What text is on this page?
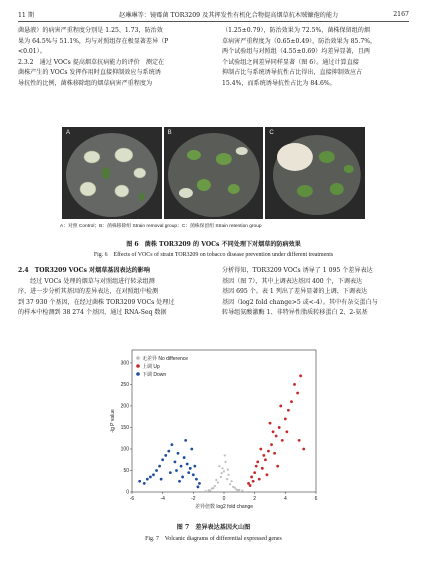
11 期	赵琳琳等：镜霉菌 TOR3209 及其挥发性有机化合物提高烟草抗木贼镰孢的能力	2167

菌悬液）的病害严重程度分别是 1.25、1.73，防治效

果为 64.5%与 51.1%，均与对照组存在极显著差异（P

<0.01）。

2.3.2　通过 VOCs 提高烟草抗病能力的评价　测定在

菌株产生的 VOCs 发挥作用时直接抑制效应与系统诱

导抗性的比例，菌株移除组的烟草病害严重程度为

（1.25±0.79），防治效果为 72.5%，菌株保留组的烟

草病害严重程度为（0.65±0.49），防治效果为 85.7%，

两个试验组与对照组（4.55±0.69）均差异显著，且两

个试验组之间差异同样显著（图 6）。通过计算直接

抑制占比与系统诱导抗性占比得出，直接抑制效应占

15.4%，而系统诱导抗性占比为 84.6%。

A	B	C
A：对照 Control；B：菌株移除组 Strain removal group；C：菌株保留组 Strain retention group
图 6　菌株 TOR3209 的 VOCs 不同处理下对烟草的防病效果
Fig. 6　Effects of VOCs of strain TOR3209 on tobacco disease prevention under different treatments

2.4　TOR3209 VOCs 对烟草基因表达的影响

　　经过 VOCs 处理的烟草与对照组进行转录组测

序，进一步分析其基因的差异表达，在对照组中检测

到 37 930 个基因，在经过菌株 TOR3209 VOCs 处理过

的样本中检测到 38 274 个基因，通过 RNA-Seq 数据

分析得知，TOR3209 VOCs 诱导了 1 095 个差异表达

基因（图 7），其中上调表达基因 400 个，下调表达

基因 695 个。表 1 列出了差异显著的上调、下调表达

基因（log2 fold change>5 或<-4）。其中有杂交蛋白与

转导组氨酸激酶 1、非特异性脂质转移蛋白 2、2-氨基

-6	-4	-2	0	2	4	6
0
50
100
150
200
250
300
差异倍数 log2 fold change
-lg P value
无差异 No difference
上调 Up
下调 Down
图 7　差异表达基因火山图
Fig. 7　Volcanic diagrams of differential expressed genes
